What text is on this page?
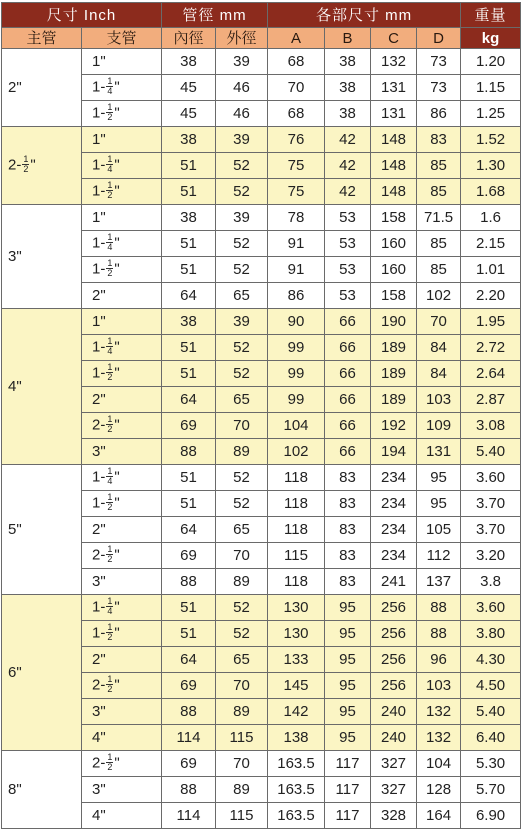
尺寸 Inch		管徑 mm		各部尺寸 mm				重量
主管	支管	內徑	外徑	A	B	C	D	kg
2"	1"	38	39	68	38	132	73	1.20
	$1- \frac{1}{4}$ "	45	46	70	38	131	73	1.15
	$1- \frac{1}{2}$ "	45	46	68	38	131	86	1.25
$2- \frac{1}{2}$ "	1"	38	39	76	42	148	83	1.52
	$1- \frac{1}{4}$ "	51	52	75	42	148	85	1.30
	$1- \frac{1}{2}$ "	51	52	75	42	148	85	1.68
3"	1"	38	39	78	53	158	71.5	1.6
	$1- \frac{1}{4}$ "	51	52	91	53	160	85	2.15
	$1- \frac{1}{2}$ "	51	52	91	53	160	85	1.01
	2"	64	65	86	53	158	102	2.20
4"	1"	38	39	90	66	190	70	1.95
	$1- \frac{1}{4}$ "	51	52	99	66	189	84	2.72
	$1- \frac{1}{2}$ "	51	52	99	66	189	84	2.64
	2"	64	65	99	66	189	103	2.87
	$2- \frac{1}{2}$ "	69	70	104	66	192	109	3.08
	3"	88	89	102	66	194	131	5.40
5"	$1- \frac{1}{4}$ "	51	52	118	83	234	95	3.60
	$1- \frac{1}{2}$ "	51	52	118	83	234	95	3.70
	2"	64	65	118	83	234	105	3.70
	$2- \frac{1}{2}$ "	69	70	115	83	234	112	3.20
	3"	88	89	118	83	241	137	3.8
6"	$1- \frac{1}{4}$ "	51	52	130	95	256	88	3.60
	$1- \frac{1}{2}$ "	51	52	130	95	256	88	3.80
	2"	64	65	133	95	256	96	4.30
	$2- \frac{1}{2}$ "	69	70	145	95	256	103	4.50
	3"	88	89	142	95	240	132	5.40
	4"	114	115	138	95	240	132	6.40
8"	$2- \frac{1}{2}$ "	69	70	163.5	117	327	104	5.30
	3"	88	89	163.5	117	327	128	5.70
	4"	114	115	163.5	117	328	164	6.90
